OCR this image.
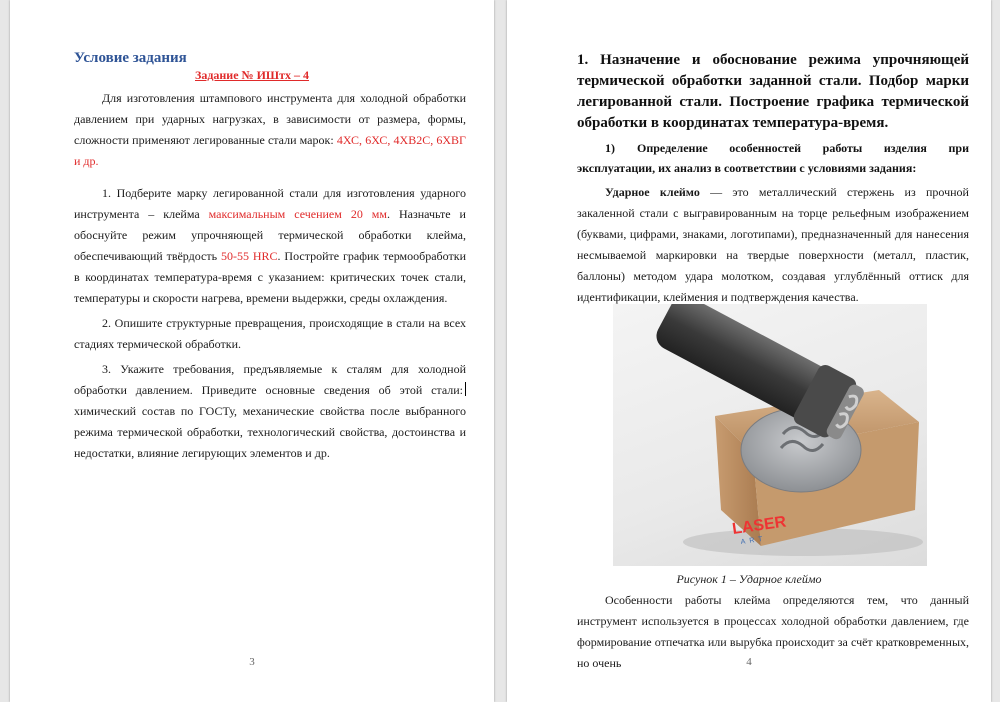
Условие задания
Задание № ИШтх – 4

Для изготовления штампового инструмента для холодной обработки давлением при ударных нагрузках, в зависимости от размера, формы, сложности применяют легированные стали марок: 4ХС, 6ХС, 4ХВ2С, 6ХВГ и др.

1. Подберите марку легированной стали для изготовления ударного инструмента – клейма максимальным сечением 20 мм. Назначьте и обоснуйте режим упрочняющей термической обработки клейма, обеспечивающий твёрдость 50-55 HRC. Постройте график термообработки в координатах температура-время с указанием: критических точек стали, температуры и скорости нагрева, времени выдержки, среды охлаждения.

2. Опишите структурные превращения, происходящие в стали на всех стадиях термической обработки.

3. Укажите требования, предъявляемые к сталям для холодной обработки давлением. Приведите основные сведения об этой стали: химический состав по ГОСТу, механические свойства после выбранного режима термической обработки, технологический свойства, достоинства и недостатки, влияние легирующих элементов и др.

3

1. Назначение и обоснование режима упрочняющей термической обработки заданной стали. Подбор марки легированной стали. Построение графика термической обработки в координатах температура-время.

1) Определение особенностей работы изделия при эксплуатации, их анализ в соответствии с условиями задания:

Ударное клеймо — это металлический стержень из прочной закаленной стали с выгравированным на торце рельефным изображением (буквами, цифрами, знаками, логотипами), предназначенный для нанесения несмываемой маркировки на твердые поверхности (металл, пластик, баллоны) методом удара молотком, создавая углублённый оттиск для идентификации, клеймения и подтверждения качества.

LASER
ART
Рисунок 1 – Ударное клеймо

Особенности работы клейма определяются тем, что данный инструмент используется в процессах холодной обработки давлением, где формирование отпечатка или вырубка происходит за счёт кратковременных, но очень	4
